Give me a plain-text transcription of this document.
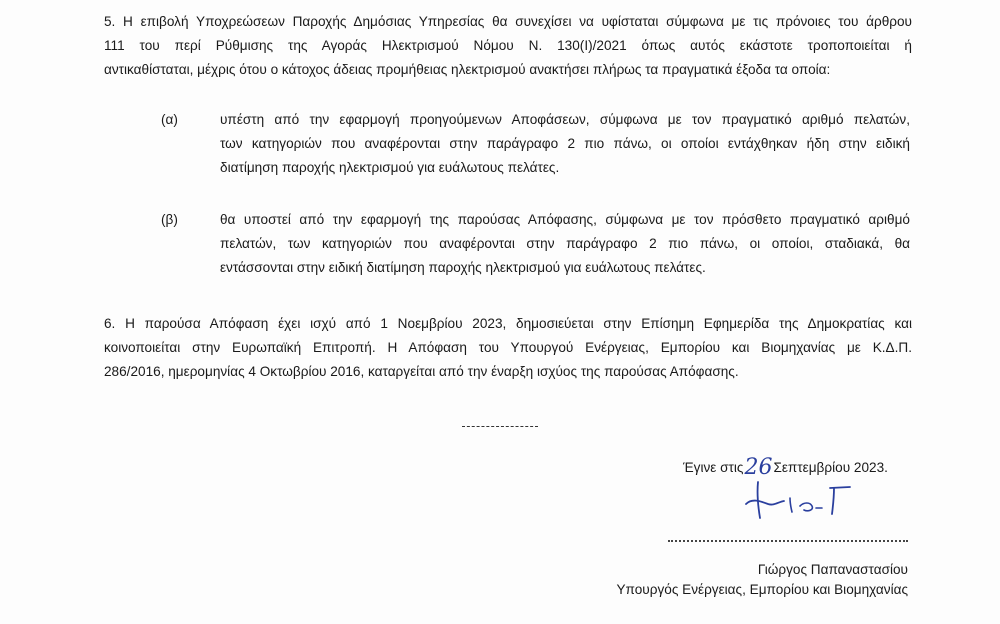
5. Η επιβολή Υποχρεώσεων Παροχής Δημόσιας Υπηρεσίας θα συνεχίσει να υφίσταται σύμφωνα με τις πρόνοιες του άρθρου
111 του περί Ρύθμισης της Αγοράς Ηλεκτρισμού Νόμου Ν. 130(Ι)/2021 όπως αυτός εκάστοτε τροποποιείται ή
αντικαθίσταται, μέχρις ότου ο κάτοχος άδειας προμήθειας ηλεκτρισμού ανακτήσει πλήρως τα πραγματικά έξοδα τα οποία:
(α)	υπέστη από την εφαρμογή προηγούμενων Αποφάσεων, σύμφωνα με τον πραγματικό αριθμό πελατών,
των κατηγοριών που αναφέρονται στην παράγραφο 2 πιο πάνω, οι οποίοι εντάχθηκαν ήδη στην ειδική
διατίμηση παροχής ηλεκτρισμού για ευάλωτους πελάτες.
(β)	θα υποστεί από την εφαρμογή της παρούσας Απόφασης, σύμφωνα με τον πρόσθετο πραγματικό αριθμό
πελατών, των κατηγοριών που αναφέρονται στην παράγραφο 2 πιο πάνω, οι οποίοι, σταδιακά, θα
εντάσσονται στην ειδική διατίμηση παροχής ηλεκτρισμού για ευάλωτους πελάτες.
6. Η παρούσα Απόφαση έχει ισχύ από 1 Νοεμβρίου 2023, δημοσιεύεται στην Επίσημη Εφημερίδα της Δημοκρατίας και
κοινοποιείται στην Ευρωπαϊκή Επιτροπή. Η Απόφαση του Υπουργού Ενέργειας, Εμπορίου και Βιομηχανίας με Κ.Δ.Π.
286/2016, ημερομηνίας 4 Οκτωβρίου 2016, καταργείται από την έναρξη ισχύος της παρούσας Απόφασης.
Έγινε στις26Σεπτεμβρίου 2023.
Γιώργος Παπαναστασίου
Υπουργός Ενέργειας, Εμπορίου και Βιομηχανίας
